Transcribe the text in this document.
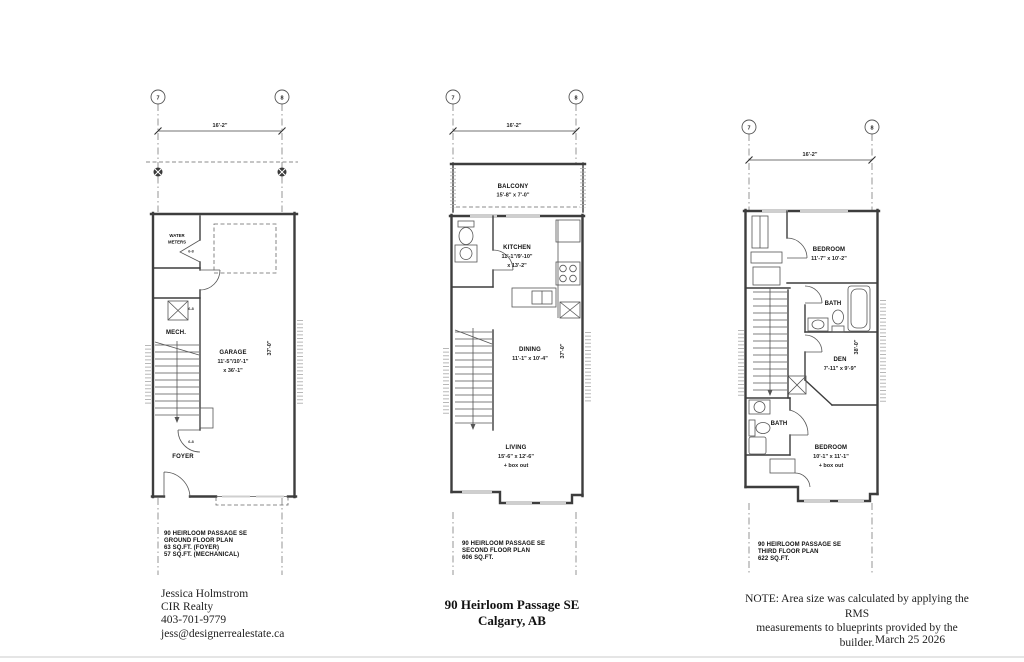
7	8
16'-2"
WATER
METERS
6-8
MECH.
6-8
6-8
FOYER
GARAGE
11'-5"/10'-1"
x 36'-1"
37'-0"
90 HEIRLOOM PASSAGE SE
GROUND FLOOR PLAN
63 SQ.FT. (FOYER)
57 SQ.FT. (MECHANICAL)
7	8
16'-2"
BALCONY
15'-8" x 7'-0"
KITCHEN
11'-1"/9'-10"
x 13'-2"
DINING
11'-1" x 10'-4"
LIVING
15'-6" x 12'-6"
+ box out
37'-0"
90 HEIRLOOM PASSAGE SE
SECOND FLOOR PLAN
606 SQ.FT.
7	8
16'-2"
BEDROOM
11'-7" x 10'-2"
BATH
DEN
7'-11" x 9'-9"
BATH
BEDROOM
10'-1" x 11'-1"
+ box out
38'-0"
90 HEIRLOOM PASSAGE SE
THIRD FLOOR PLAN
622 SQ.FT.
Jessica Holmstrom
CIR Realty
403-701-9779
jess@designerrealestate.ca
90 Heirloom Passage SE
Calgary, AB
NOTE: Area size was calculated by applying the RMS
measurements to blueprints provided by the builder. March 25 2026
